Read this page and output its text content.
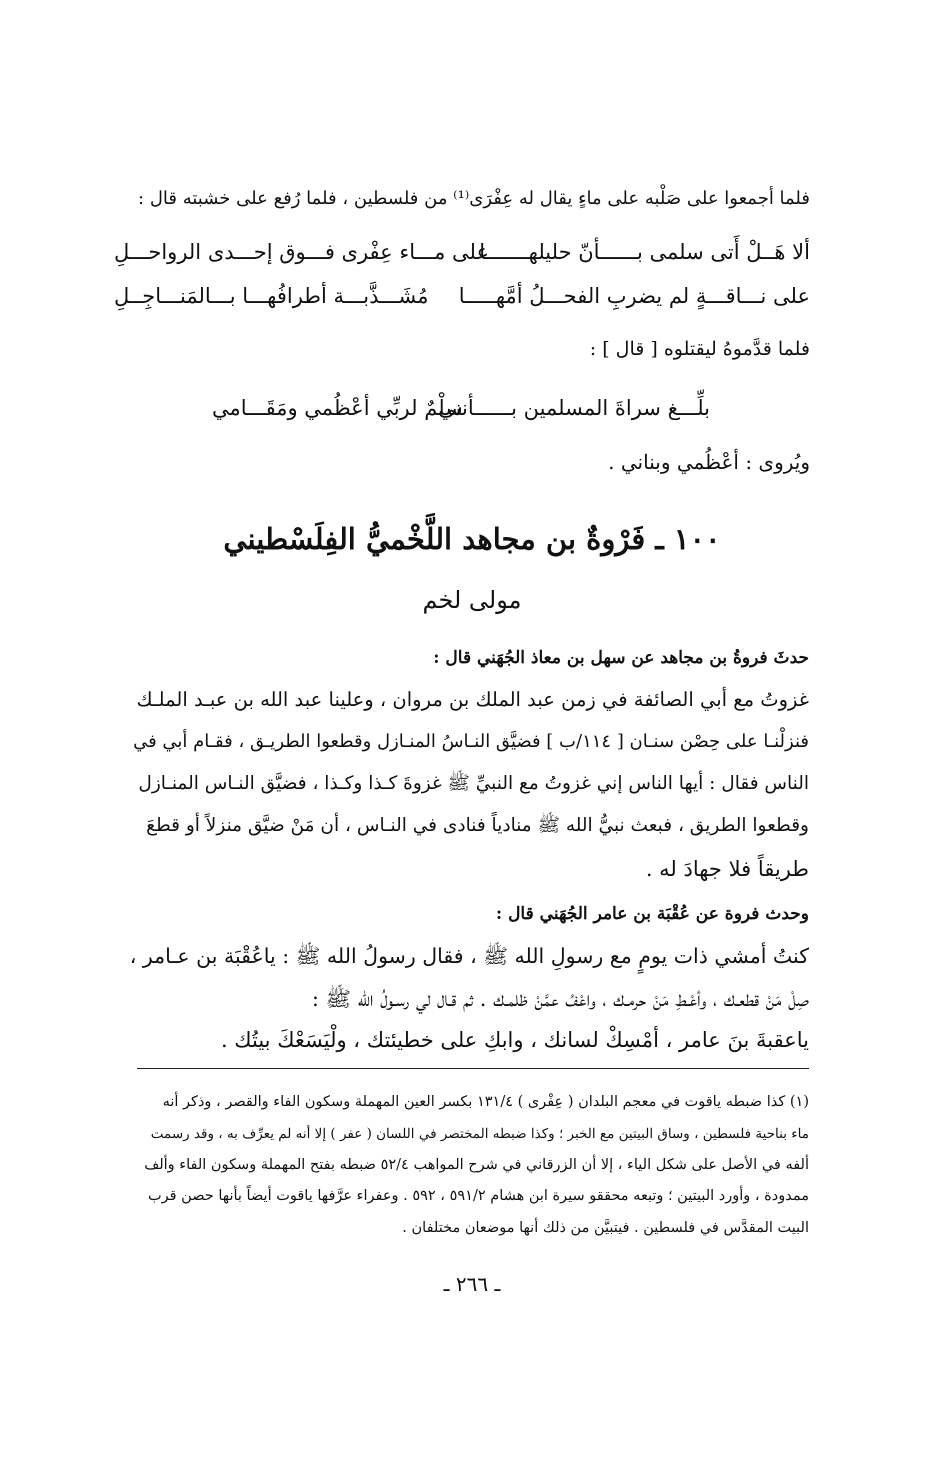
فلما أجمعوا على صَلْبه على ماءٍ يقال له عِفْرَى⁽¹⁾ من فلسطين ، فلما رُفع على خشبته قال :
ألا هَــلْ أَتى سلمى بــــــأنّ حليلهـــــــا
على مـــاء عِفْرى فـــوق إحـــدى الرواحـــلِ
على نـــاقـــةٍ لم يضربِ الفحـــلُ أمَّهـــــا
مُشَـــذَّبـــة أطرافُهـــا بـــالمَنـــاجِــلِ
فلما قدَّموهُ ليقتلوه [ قال ] :
بلِّـــغ سراةَ المسلمين بــــــأنني
سلْمٌ لربِّي أعْظُمي ومَقَـــامي
ويُروى : أعْظُمي وبناني .
١٠٠ ـ فَرْوةٌ بن مجاهد اللَّخْميُّ الفِلَسْطيني
مولى لخم
حدثَ فروةُ بن مجاهد عن سهل بن معاذ الجُهَني قال :
غزوتُ مع أبي الصائفة في زمن عبد الملك بن مروان ، وعلينا عبد الله بن عبـد الملـك
فنزلْنـا على حِصْن سنـان [ ١١٤/ب ] فضيَّق النـاسُ المنـازل وقطعوا الطريـق ، فقـام أبي في
الناس فقال : أيها الناس إني غزوتُ مع النبيِّ ﷺ غزوةَ كـذا وكـذا ، فضيَّق النـاس المنـازل
وقطعوا الطريق ، فبعث نبيُّ الله ﷺ منادياً فنادى في النـاس ، أن مَنْ ضيَّق منزلاً أو قطعَ
طريقاً فلا جهادَ له .
وحدث فروة عن عُقْبَة بن عامر الجُهَني قال :
كنتُ أمشي ذات يومٍ مع رسولِ الله ﷺ ، فقال رسولُ الله ﷺ : ياعُقْبَة بن عـامر ،
صِلْ مَنْ قطعـك ، وأعْـطِ مَنْ حرمـك ، واعْفُ عمَّنْ ظلمـك . ثم قـال لي رسـولُ الله ﷺ :
ياعقبةَ بنَ عامر ، أمْسِكْ لسانك ، وابكِ على خطيئتك ، ولْيَسَعْكَ بيتُك .
(١) كذا ضبطه ياقوت في معجم البلدان ( عِفْرى ) ١٣١/٤ بكسر العين المهملة وسكون الفاء والقصر ، وذكر أنه
ماء بناحية فلسطين ، وساق البيتين مع الخبر ؛ وكذا ضبطه المختصر في اللسان ( عفر ) إلا أنه لم يعرِّف به ، وقد رسمت
ألفه في الأصل على شكل الياء ، إلا أن الزرقاني في شرح المواهب ٥٢/٤ ضبطه بفتح المهملة وسكون الفاء وألف
ممدودة ، وأورد البيتين ؛ وتبعه محققو سيرة ابن هشام ٥٩١/٢ ، ٥٩٢ . وعفراء عرَّفها ياقوت أيضاً بأنها حصن قرب
البيت المقدَّس في فلسطين . فيتبيَّن من ذلك أنها موضعان مختلفان .
ـ ٢٦٦ ـ
